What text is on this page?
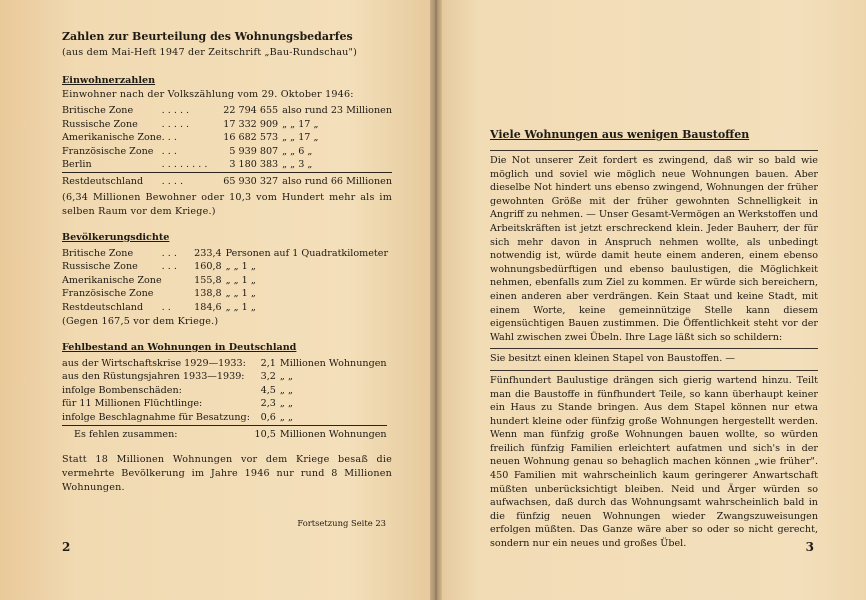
Zahlen zur Beurteilung des Wohnungsbedarfes
(aus dem Mai-Heft 1947 der Zeitschrift „Bau-Rundschau")
Einwohnerzahlen
Einwohner nach der Volkszählung vom 29. Oktober 1946:
Britische Zone	. . . . .	22 794 655	also rund 23 Millionen
Russische Zone	. . . . .	17 332 909	„ „ 17 „
Amerikanische Zone	. . .	16 682 573	„ „ 17 „
Französische Zone	. . .	5 939 807	„ „ 6 „
Berlin	. . . . . . . .	3 180 383	„ „ 3 „
Restdeutschland	. . . .	65 930 327	also rund 66 Millionen
(6,34 Millionen Bewohner oder 10,3 vom Hundert mehr als im selben Raum vor dem Kriege.)
Bevölkerungsdichte
Britische Zone	. . .	233,4	Personen auf 1 Quadratkilometer
Russische Zone	. . .	160,8	„ „ 1 „
Amerikanische Zone		155,8	„ „ 1 „
Französische Zone		138,8	„ „ 1 „
Restdeutschland	. .	184,6	„ „ 1 „
(Gegen 167,5 vor dem Kriege.)
Fehlbestand an Wohnungen in Deutschland
aus der Wirtschaftskrise 1929—1933:	2,1	Millionen Wohnungen
aus den Rüstungsjahren 1933—1939:	3,2	„ „
infolge Bombenschäden:	4,5	„ „
für 11 Millionen Flüchtlinge:	2,3	„ „
infolge Beschlagnahme für Besatzung:	0,6	„ „
Es fehlen zusammen:	10,5	Millionen Wohnungen
Statt 18 Millionen Wohnungen vor dem Kriege besaß die vermehrte Bevölkerung im Jahre 1946 nur rund 8 Millionen Wohnungen.
Fortsetzung Seite 23
2
Viele Wohnungen aus wenigen Baustoffen

Die Not unserer Zeit fordert es zwingend, daß wir so bald wie möglich und soviel wie möglich neue Wohnungen bauen. Aber dieselbe Not hindert uns ebenso zwingend, Wohnungen der früher gewohnten Größe mit der früher gewohnten Schnelligkeit in Angriff zu nehmen. — Unser Gesamt-Vermögen an Werkstoffen und Arbeitskräften ist jetzt erschreckend klein. Jeder Bauherr, der für sich mehr davon in Anspruch nehmen wollte, als unbedingt notwendig ist, würde damit heute einem anderen, einem ebenso wohnungsbedürftigen und ebenso baulustigen, die Möglichkeit nehmen, ebenfalls zum Ziel zu kommen. Er würde sich bereichern, einen anderen aber verdrängen. Kein Staat und keine Stadt, mit einem Worte, keine gemeinnützige Stelle kann diesem eigensüchtigen Bauen zustimmen. Die Öffentlichkeit steht vor der Wahl zwischen zwei Übeln. Ihre Lage läßt sich so schildern:

Sie besitzt einen kleinen Stapel von Baustoffen. —

Fünfhundert Baulustige drängen sich gierig wartend hinzu. Teilt man die Baustoffe in fünfhundert Teile, so kann überhaupt keiner ein Haus zu Stande bringen. Aus dem Stapel können nur etwa hundert kleine oder fünfzig große Wohnungen hergestellt werden. Wenn man fünfzig große Wohnungen bauen wollte, so würden freilich fünfzig Familien erleichtert aufatmen und sich's in der neuen Wohnung genau so behaglich machen können „wie früher". 450 Familien mit wahrscheinlich kaum geringerer Anwartschaft müßten unberücksichtigt bleiben. Neid und Ärger würden so aufwachsen, daß durch das Wohnungsamt wahrscheinlich bald in die fünfzig neuen Wohnungen wieder Zwangszuweisungen erfolgen müßten. Das Ganze wäre aber so oder so nicht gerecht, sondern nur ein neues und großes Übel.	3
